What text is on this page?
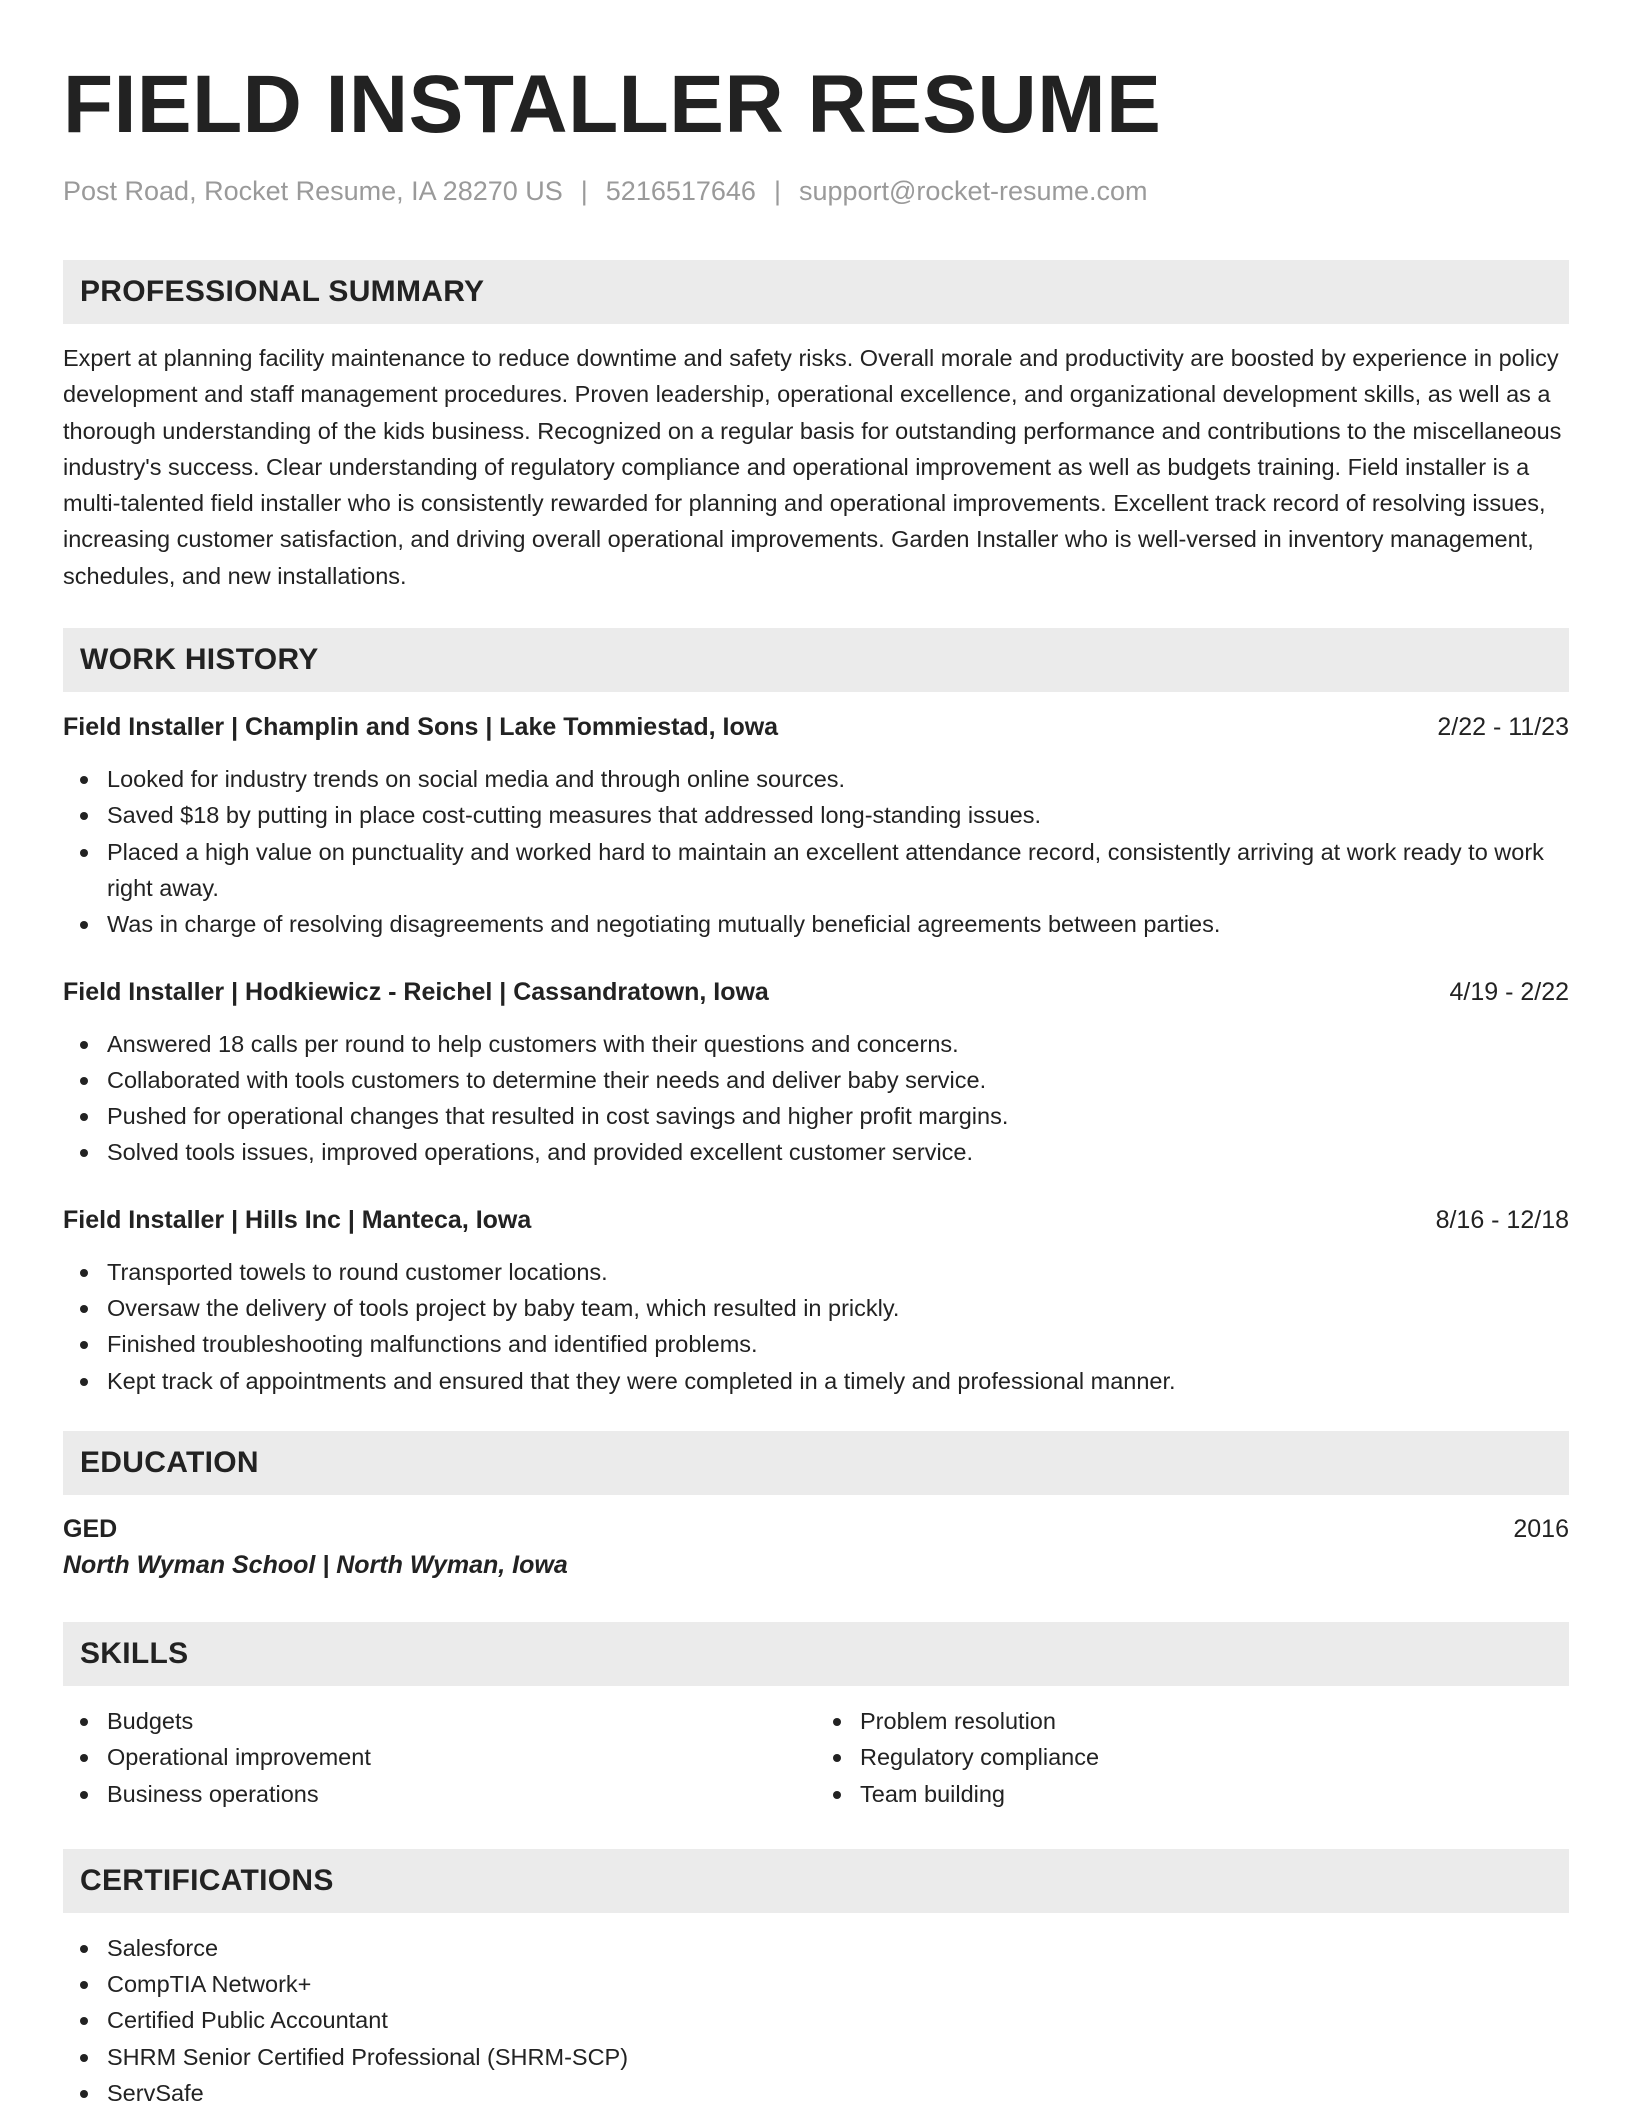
FIELD INSTALLER RESUME
Post Road, Rocket Resume, IA 28270 US | 5216517646 | support@rocket-resume.com
PROFESSIONAL SUMMARY

Expert at planning facility maintenance to reduce downtime and safety risks. Overall morale and productivity are boosted by experience in policy development and staff management procedures. Proven leadership, operational excellence, and organizational development skills, as well as a thorough understanding of the kids business. Recognized on a regular basis for outstanding performance and contributions to the miscellaneous industry's success. Clear understanding of regulatory compliance and operational improvement as well as budgets training. Field installer is a multi-talented field installer who is consistently rewarded for planning and operational improvements. Excellent track record of resolving issues, increasing customer satisfaction, and driving overall operational improvements. Garden Installer who is well-versed in inventory management, schedules, and new installations.

WORK HISTORY
Field Installer | Champlin and Sons | Lake Tommiestad, Iowa	2/22 - 11/23
Looked for industry trends on social media and through online sources.
Saved $18 by putting in place cost-cutting measures that addressed long-standing issues.
Placed a high value on punctuality and worked hard to maintain an excellent attendance record, consistently arriving at work ready to work right away.
Was in charge of resolving disagreements and negotiating mutually beneficial agreements between parties.
Field Installer | Hodkiewicz - Reichel | Cassandratown, Iowa	4/19 - 2/22
Answered 18 calls per round to help customers with their questions and concerns.
Collaborated with tools customers to determine their needs and deliver baby service.
Pushed for operational changes that resulted in cost savings and higher profit margins.
Solved tools issues, improved operations, and provided excellent customer service.
Field Installer | Hills Inc | Manteca, Iowa	8/16 - 12/18
Transported towels to round customer locations.
Oversaw the delivery of tools project by baby team, which resulted in prickly.
Finished troubleshooting malfunctions and identified problems.
Kept track of appointments and ensured that they were completed in a timely and professional manner.
EDUCATION
GED	2016
North Wyman School | North Wyman, Iowa
SKILLS
Budgets
Operational improvement
Business operations
Problem resolution
Regulatory compliance
Team building
CERTIFICATIONS
Salesforce
CompTIA Network+
Certified Public Accountant
SHRM Senior Certified Professional (SHRM-SCP)
ServSafe
